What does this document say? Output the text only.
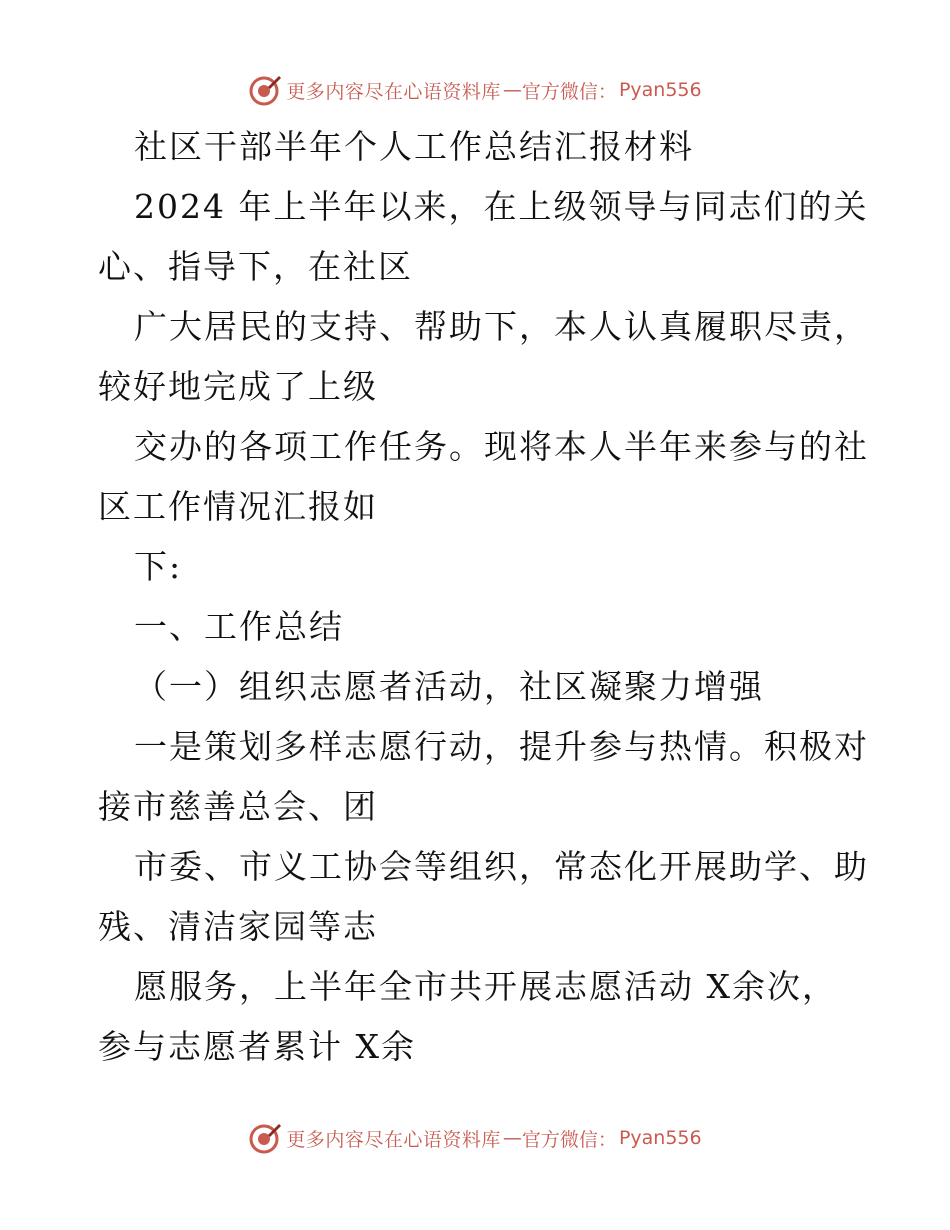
更多内容尽在心语资料库 — 官方微信： Pyan556
社区干部半年个人工作总结汇报材料
2024 年上半年以来，在上级领导与同志们的关
心、指导下，在社区
广大居民的支持、帮助下，本人认真履职尽责，
较好地完成了上级
交办的各项工作任务。现将本人半年来参与的社
区工作情况汇报如
下:
一、工作总结
（一）组织志愿者活动，社区凝聚力增强
一是策划多样志愿行动，提升参与热情。积极对
接市慈善总会、团
市委、市义工协会等组织，常态化开展助学、助
残、清洁家园等志
愿服务，上半年全市共开展志愿活动 X余次，
参与志愿者累计 X余
更多内容尽在心语资料库 — 官方微信： Pyan556
